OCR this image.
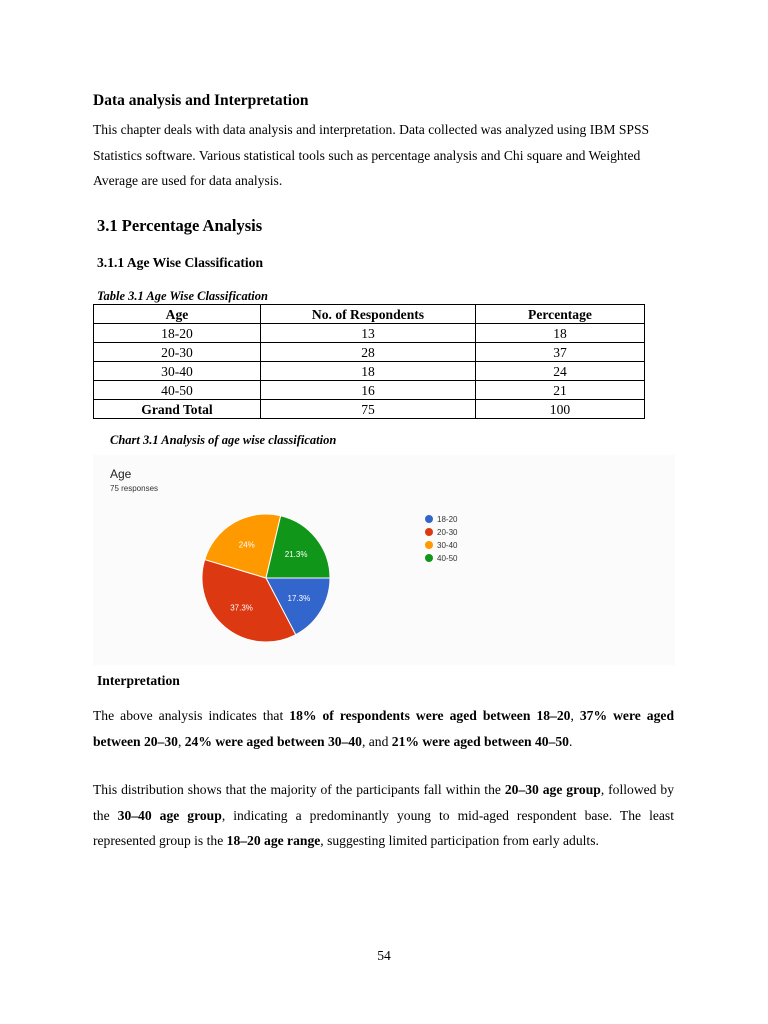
Data analysis and Interpretation
This chapter deals with data analysis and interpretation. Data collected was analyzed using IBM SPSS Statistics software. Various statistical tools such as percentage analysis and Chi square and Weighted Average are used for data analysis.
3.1 Percentage Analysis
3.1.1 Age Wise Classification
Table 3.1 Age Wise Classification
Age	No. of Respondents	Percentage
18-20	13	18
20-30	28	37
30-40	18	24
40-50	16	21
Grand Total	75	100
Chart 3.1 Analysis of age wise classification
Age
75 responses
17.3%
37.3%
24%
21.3%
18-20
20-30
30-40
40-50
Interpretation
The above analysis indicates that 18% of respondents were aged between 18–20, 37% were aged between 20–30, 24% were aged between 30–40, and 21% were aged between 40–50.
This distribution shows that the majority of the participants fall within the 20–30 age group, followed by the 30–40 age group, indicating a predominantly young to mid-aged respondent base. The least represented group is the 18–20 age range, suggesting limited participation from early adults.
54
